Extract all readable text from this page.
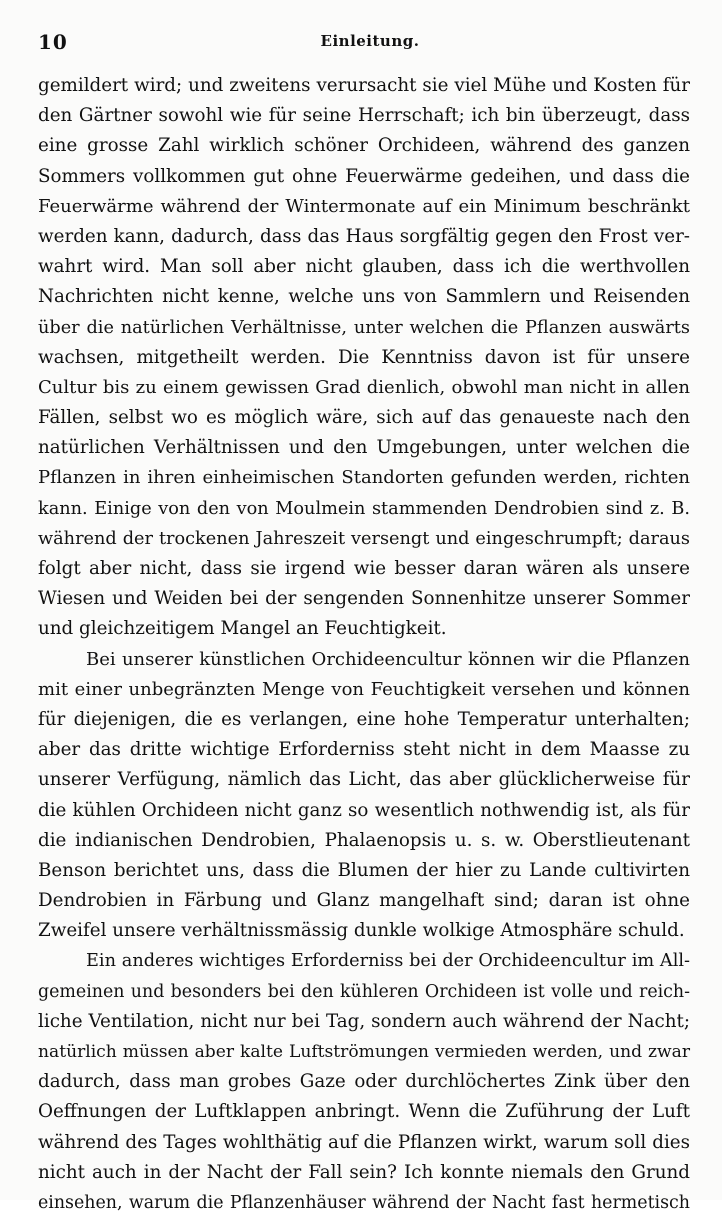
10	Einleitung.
gemildert wird; und zweitens verursacht sie viel Mühe und Kosten für
den Gärtner sowohl wie für seine Herrschaft; ich bin überzeugt, dass
eine grosse Zahl wirklich schöner Orchideen, während des ganzen
Sommers vollkommen gut ohne Feuerwärme gedeihen, und dass die
Feuerwärme während der Wintermonate auf ein Minimum beschränkt
werden kann, dadurch, dass das Haus sorgfältig gegen den Frost ver-
wahrt wird. Man soll aber nicht glauben, dass ich die werthvollen
Nachrichten nicht kenne, welche uns von Sammlern und Reisenden
über die natürlichen Verhältnisse, unter welchen die Pflanzen auswärts
wachsen, mitgetheilt werden. Die Kenntniss davon ist für unsere
Cultur bis zu einem gewissen Grad dienlich, obwohl man nicht in allen
Fällen, selbst wo es möglich wäre, sich auf das genaueste nach den
natürlichen Verhältnissen und den Umgebungen, unter welchen die
Pflanzen in ihren einheimischen Standorten gefunden werden, richten
kann. Einige von den von Moulmein stammenden Dendrobien sind z. B.
während der trockenen Jahreszeit versengt und eingeschrumpft; daraus
folgt aber nicht, dass sie irgend wie besser daran wären als unsere
Wiesen und Weiden bei der sengenden Sonnenhitze unserer Sommer
und gleichzeitigem Mangel an Feuchtigkeit.
Bei unserer künstlichen Orchideencultur können wir die Pflanzen
mit einer unbegränzten Menge von Feuchtigkeit versehen und können
für diejenigen, die es verlangen, eine hohe Temperatur unterhalten;
aber das dritte wichtige Erforderniss steht nicht in dem Maasse zu
unserer Verfügung, nämlich das Licht, das aber glücklicherweise für
die kühlen Orchideen nicht ganz so wesentlich nothwendig ist, als für
die indianischen Dendrobien, Phalaenopsis u. s. w. Oberstlieutenant
Benson berichtet uns, dass die Blumen der hier zu Lande cultivirten
Dendrobien in Färbung und Glanz mangelhaft sind; daran ist ohne
Zweifel unsere verhältnissmässig dunkle wolkige Atmosphäre schuld.
Ein anderes wichtiges Erforderniss bei der Orchideencultur im All-
gemeinen und besonders bei den kühleren Orchideen ist volle und reich-
liche Ventilation, nicht nur bei Tag, sondern auch während der Nacht;
natürlich müssen aber kalte Luftströmungen vermieden werden, und zwar
dadurch, dass man grobes Gaze oder durchlöchertes Zink über den
Oeffnungen der Luftklappen anbringt. Wenn die Zuführung der Luft
während des Tages wohlthätig auf die Pflanzen wirkt, warum soll dies
nicht auch in der Nacht der Fall sein? Ich konnte niemals den Grund
einsehen, warum die Pflanzenhäuser während der Nacht fast hermetisch
